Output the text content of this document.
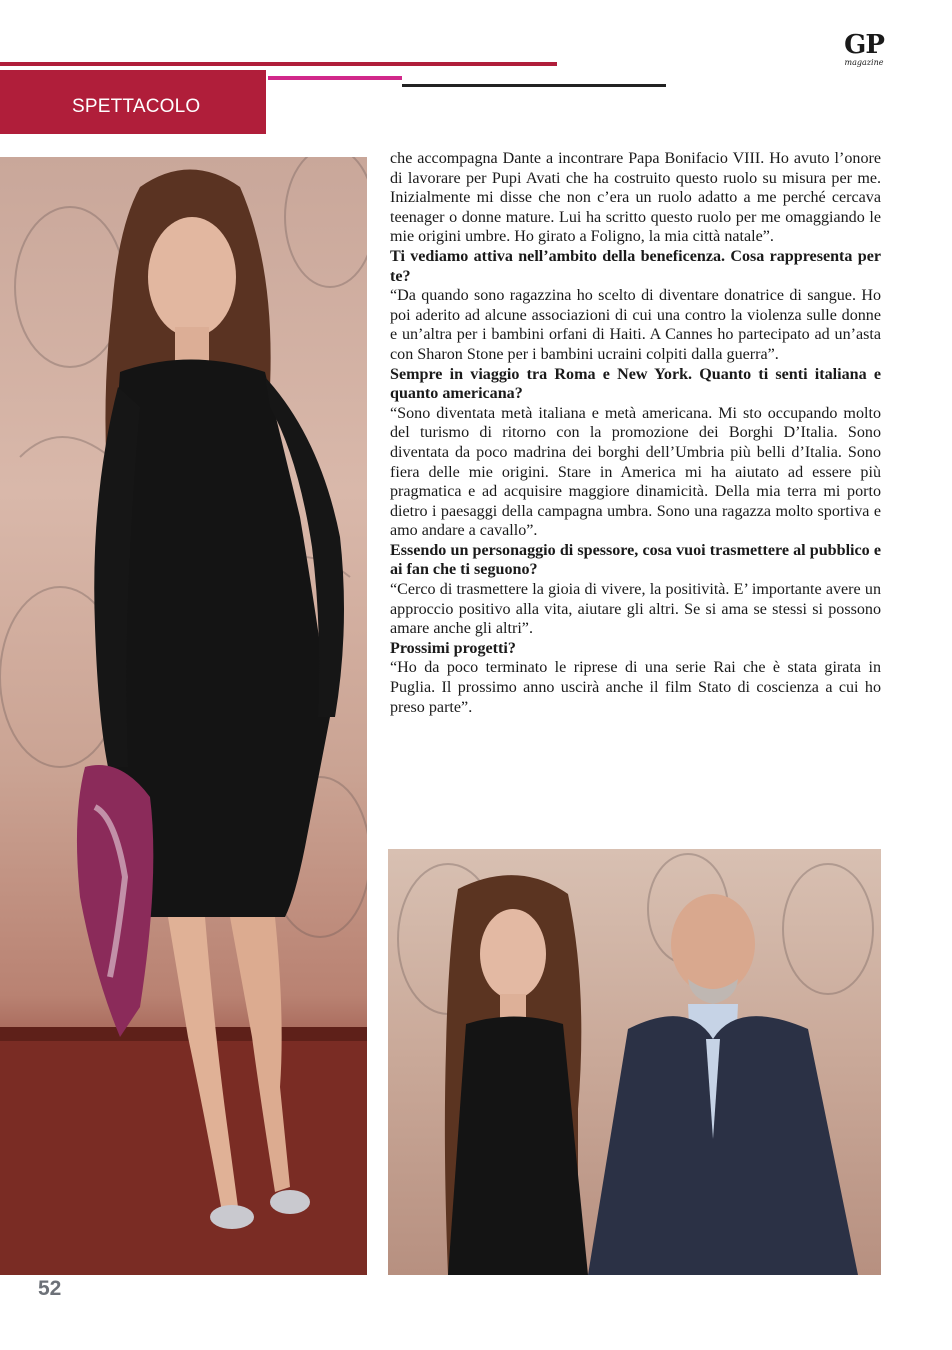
SPETTACOLO
GP
magazine

che accompagna Dante a incontrare Papa Bonifacio VIII. Ho avuto l’onore di lavorare per Pupi Avati che ha costruito questo ruolo su misura per me. Inizialmente mi disse che non c’era un ruolo adatto a me perché cercava teenager o donne mature. Lui ha scritto questo ruolo per me omaggiando le mie origini umbre. Ho girato a Foligno, la mia città natale”.

Ti vediamo attiva nell’ambito della beneficenza. Cosa rappresenta per te?

“Da quando sono ragazzina ho scelto di diventare donatrice di sangue. Ho poi aderito ad alcune associazioni di cui una contro la violenza sulle donne e un’altra per i bambini orfani di Haiti. A Cannes ho partecipato ad un’asta con Sharon Stone per i bambini ucraini colpiti dalla guerra”.

Sempre in viaggio tra Roma e New York. Quanto ti senti italiana e quanto americana?

“Sono diventata metà italiana e metà americana. Mi sto occupando molto del turismo di ritorno con la promozione dei Borghi D’Italia. Sono diventata da poco madrina dei borghi dell’Umbria più belli d’Italia. Sono fiera delle mie origini. Stare in America mi ha aiutato ad essere più pragmatica e ad acquisire maggiore dinamicità. Della mia terra mi porto dietro i paesaggi della campagna umbra. Sono una ragazza molto sportiva e amo andare a cavallo”.

Essendo un personaggio di spessore, cosa vuoi trasmettere al pubblico e ai fan che ti seguono?

“Cerco di trasmettere la gioia di vivere, la positività. E’ importante avere un approccio positivo alla vita, aiutare gli altri. Se si ama se stessi si possono amare anche gli altri”.

Prossimi progetti?

“Ho da poco terminato le riprese di una serie Rai che è stata girata in Puglia. Il prossimo anno uscirà anche il film Stato di coscienza a cui ho preso parte”.

52
